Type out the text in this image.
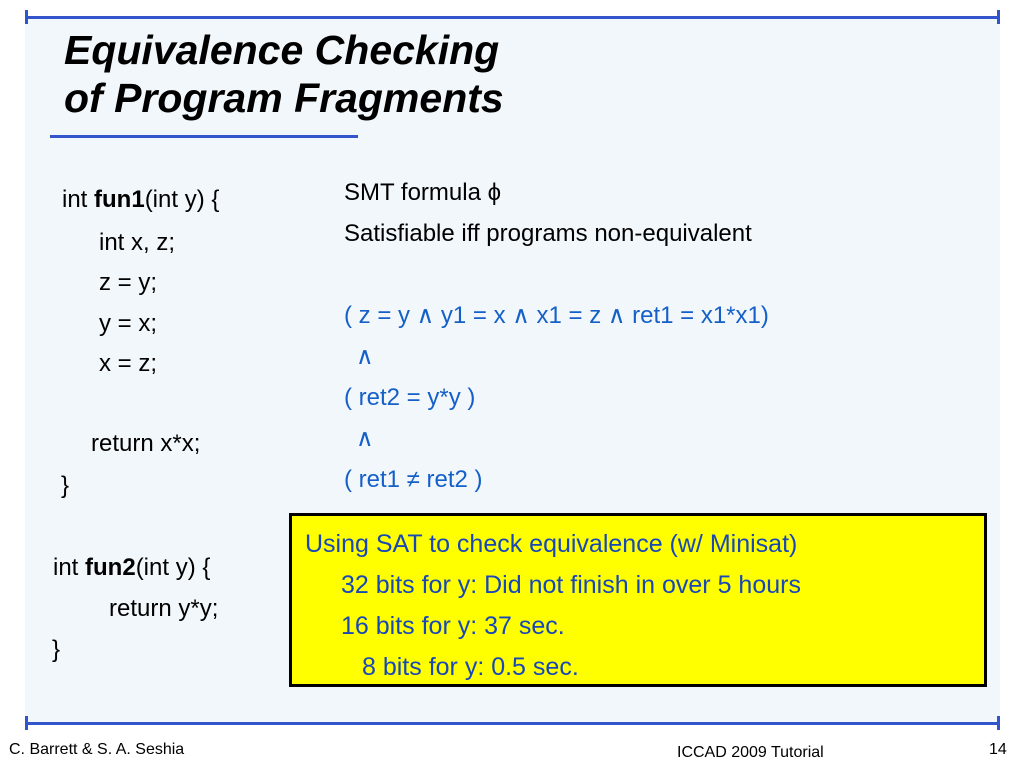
Equivalence Checking
of Program Fragments
int fun1(int y) {
int x, z;
z = y;
y = x;
x = z;
return x*x;
}
int fun2(int y) {
return y*y;
}
SMT formula ϕ
Satisfiable iff programs non-equivalent
( z = y ∧ y1 = x ∧ x1 = z ∧ ret1 = x1*x1)
∧
( ret2 = y*y )
∧
( ret1 ≠ ret2 )
Using SAT to check equivalence (w/ Minisat)
32 bits for y: Did not finish in over 5 hours
16 bits for y: 37 sec.
8 bits for y: 0.5 sec.
C. Barrett & S. A. Seshia	ICCAD 2009 Tutorial	14
